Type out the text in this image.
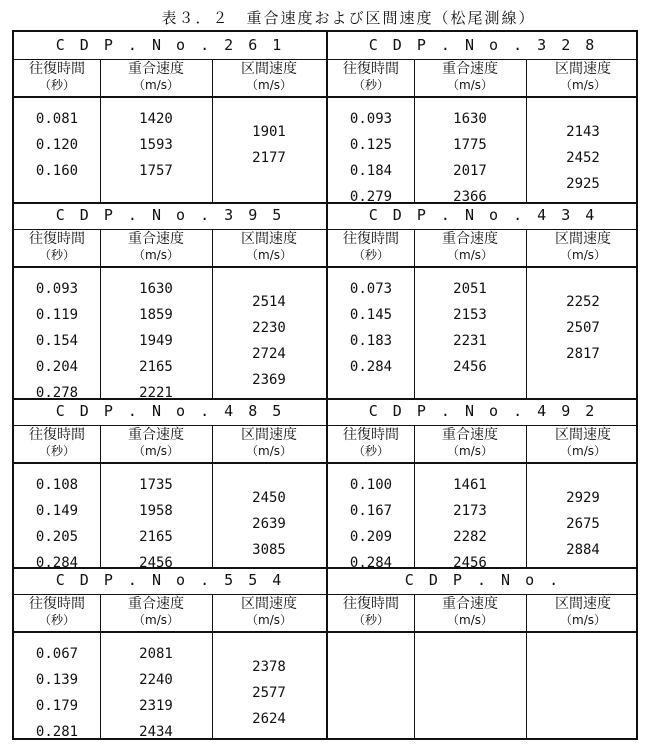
表３．２　重合速度および区間速度（松尾測線）
C D P . N o . 2 6 1
往復時間
（秒）
重合速度
（m/s）
区間速度
（m/s）
0.081
0.120
0.160
1420
1593
1757
1901
2177
C D P . N o . 3 2 8
往復時間
（秒）
重合速度
（m/s）
区間速度
（m/s）
0.093
0.125
0.184
0.279
1630
1775
2017
2366
2143
2452
2925
C D P . N o . 3 9 5
往復時間
（秒）
重合速度
（m/s）
区間速度
（m/s）
0.093
0.119
0.154
0.204
0.278
1630
1859
1949
2165
2221
2514
2230
2724
2369
C D P . N o . 4 3 4
往復時間
（秒）
重合速度
（m/s）
区間速度
（m/s）
0.073
0.145
0.183
0.284
2051
2153
2231
2456
2252
2507
2817
C D P . N o . 4 8 5
往復時間
（秒）
重合速度
（m/s）
区間速度
（m/s）
0.108
0.149
0.205
0.284
1735
1958
2165
2456
2450
2639
3085
C D P . N o . 4 9 2
往復時間
（秒）
重合速度
（m/s）
区間速度
（m/s）
0.100
0.167
0.209
0.284
1461
2173
2282
2456
2929
2675
2884
C D P . N o . 5 5 4
往復時間
（秒）
重合速度
（m/s）
区間速度
（m/s）
0.067
0.139
0.179
0.281
2081
2240
2319
2434
2378
2577
2624
C D P . N o .
往復時間
（秒）
重合速度
（m/s）
区間速度
（m/s）
